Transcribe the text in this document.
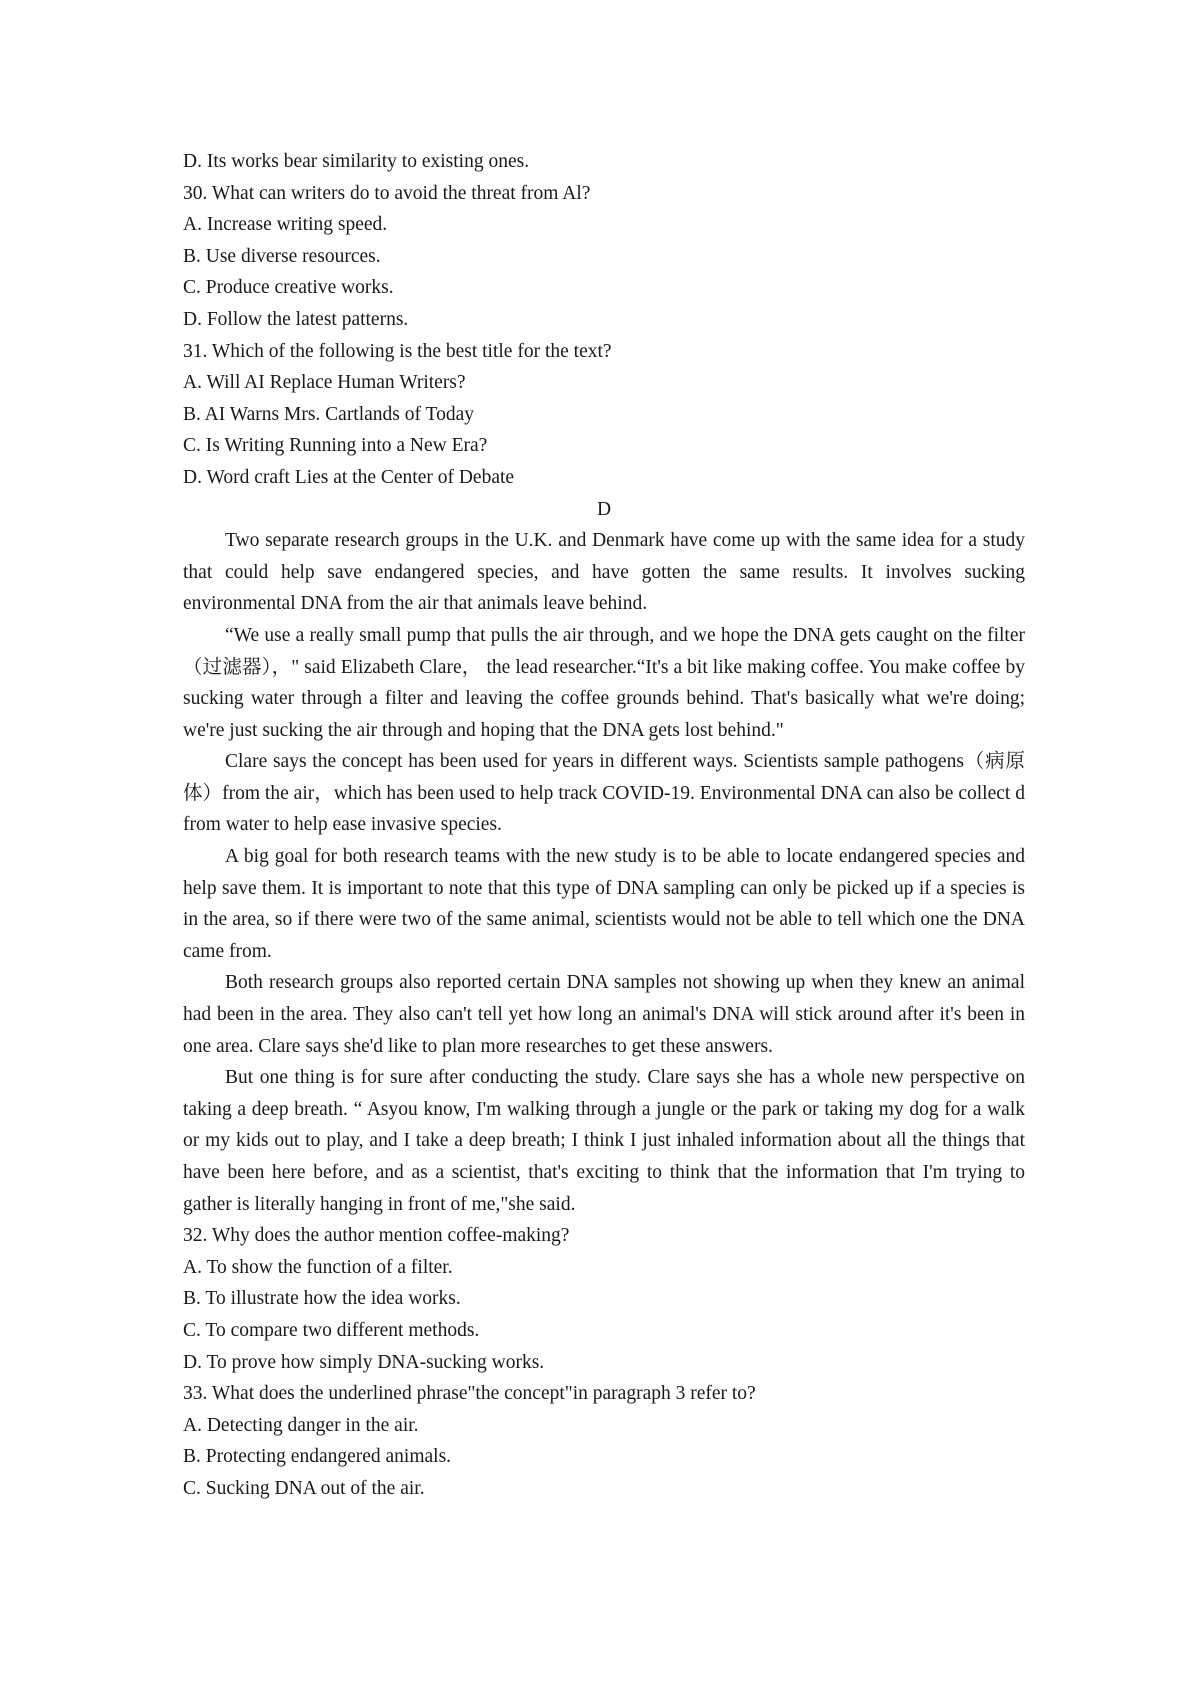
D. Its works bear similarity to existing ones.

30. What can writers do to avoid the threat from Al?

A. Increase writing speed.

B. Use diverse resources.

C. Produce creative works.

D. Follow the latest patterns.

31. Which of the following is the best title for the text?

A. Will AI Replace Human Writers?

B. AI Warns Mrs. Cartlands of Today

C. Is Writing Running into a New Era?

D. Word craft Lies at the Center of Debate

D

Two separate research groups in the U.K. and Denmark have come up with the same idea for a study that could help save endangered species, and have gotten the same results. It involves sucking environmental DNA from the air that animals leave behind.

“We use a really small pump that pulls the air through, and we hope the DNA gets caught on the filter（过滤器），" said Elizabeth Clare， the lead researcher.“It's a bit like making coffee. You make coffee by sucking water through a filter and leaving the coffee grounds behind. That's basically what we're doing; we're just sucking the air through and hoping that the DNA gets lost behind."

Clare says the concept has been used for years in different ways. Scientists sample pathogens（病原体）from the air，which has been used to help track COVID-19. Environmental DNA can also be collect d from water to help ease invasive species.

A big goal for both research teams with the new study is to be able to locate endangered species and help save them. It is important to note that this type of DNA sampling can only be picked up if a species is in the area, so if there were two of the same animal, scientists would not be able to tell which one the DNA came from.

Both research groups also reported certain DNA samples not showing up when they knew an animal had been in the area. They also can't tell yet how long an animal's DNA will stick around after it's been in one area. Clare says she'd like to plan more researches to get these answers.

But one thing is for sure after conducting the study. Clare says she has a whole new perspective on taking a deep breath. “ Asyou know, I'm walking through a jungle or the park or taking my dog for a walk or my kids out to play, and I take a deep breath; I think I just inhaled information about all the things that have been here before, and as a scientist, that's exciting to think that the information that I'm trying to gather is literally hanging in front of me,"she said.

32. Why does the author mention coffee-making?

A. To show the function of a filter.

B. To illustrate how the idea works.

C. To compare two different methods.

D. To prove how simply DNA-sucking works.

33. What does the underlined phrase"the concept"in paragraph 3 refer to?

A. Detecting danger in the air.

B. Protecting endangered animals.

C. Sucking DNA out of the air.
